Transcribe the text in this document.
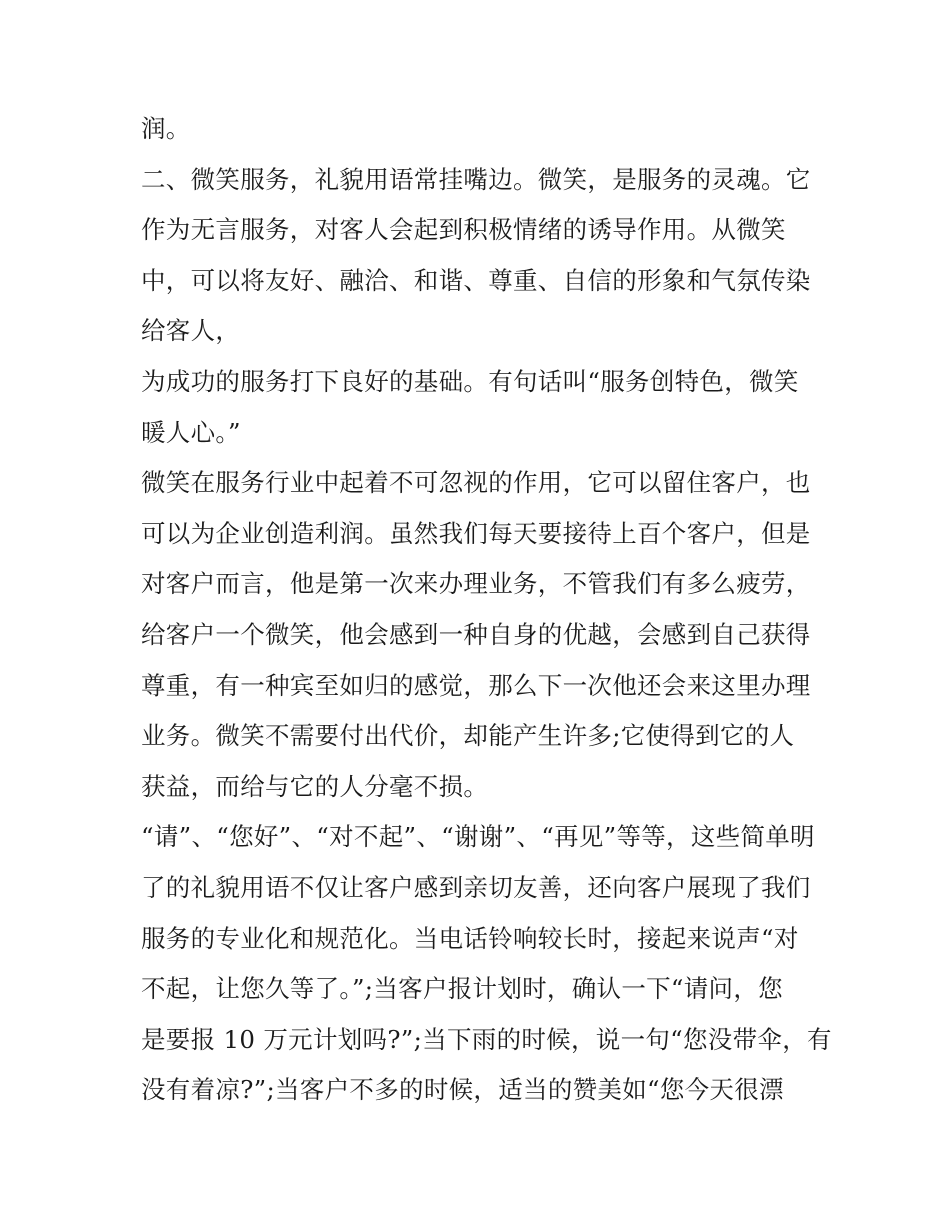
润。
二、微笑服务，礼貌用语常挂嘴边。微笑，是服务的灵魂。它
作为无言服务，对客人会起到积极情绪的诱导作用。从微笑
中，可以将友好、融洽、和谐、尊重、自信的形象和气氛传染
给客人，
为成功的服务打下良好的基础。有句话叫“服务创特色，微笑
暖人心。”
微笑在服务行业中起着不可忽视的作用，它可以留住客户，也
可以为企业创造利润。虽然我们每天要接待上百个客户，但是
对客户而言，他是第一次来办理业务，不管我们有多么疲劳，
给客户一个微笑，他会感到一种自身的优越，会感到自己获得
尊重，有一种宾至如归的感觉，那么下一次他还会来这里办理
业务。微笑不需要付出代价，却能产生许多;它使得到它的人
获益，而给与它的人分毫不损。
“请”、“您好”、“对不起”、“谢谢”、“再见”等等，这些简单明
了的礼貌用语不仅让客户感到亲切友善，还向客户展现了我们
服务的专业化和规范化。当电话铃响较长时，接起来说声“对
不起，让您久等了。”;当客户报计划时，确认一下“请问，您
是要报 10 万元计划吗?”;当下雨的时候，说一句“您没带伞，有
没有着凉?”;当客户不多的时候，适当的赞美如“您今天很漂
